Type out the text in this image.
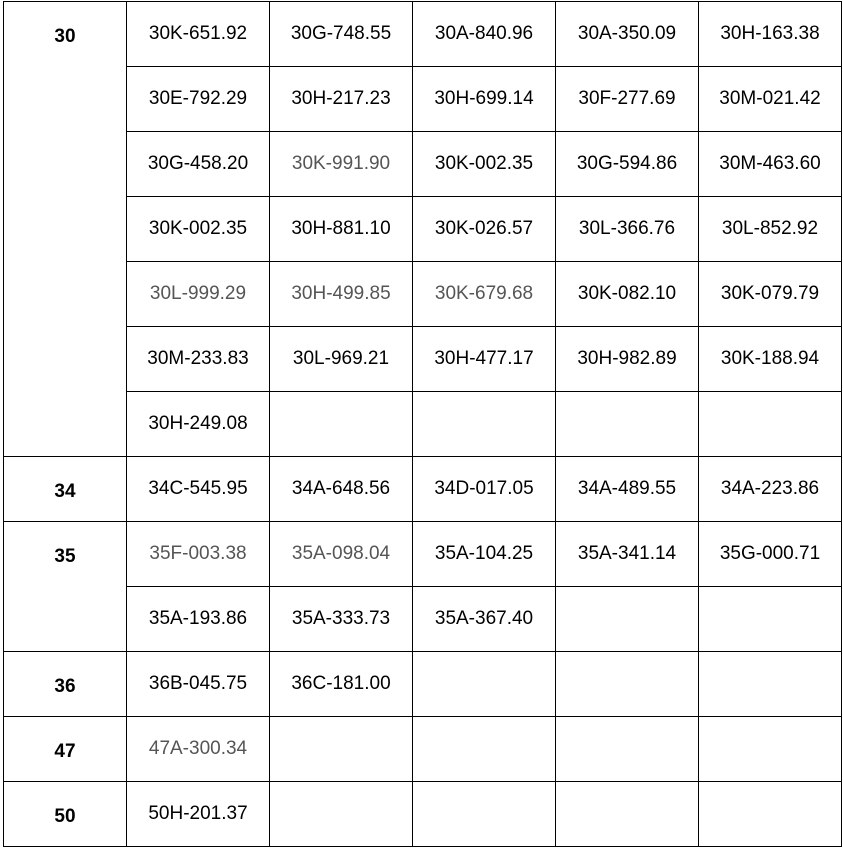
30	30K-651.92	30G-748.55	30A-840.96	30A-350.09	30H-163.38
	30E-792.29	30H-217.23	30H-699.14	30F-277.69	30M-021.42
	30G-458.20	30K-991.90	30K-002.35	30G-594.86	30M-463.60
	30K-002.35	30H-881.10	30K-026.57	30L-366.76	30L-852.92
	30L-999.29	30H-499.85	30K-679.68	30K-082.10	30K-079.79
	30M-233.83	30L-969.21	30H-477.17	30H-982.89	30K-188.94
	30H-249.08				
34	34C-545.95	34A-648.56	34D-017.05	34A-489.55	34A-223.86
35	35F-003.38	35A-098.04	35A-104.25	35A-341.14	35G-000.71
	35A-193.86	35A-333.73	35A-367.40		
36	36B-045.75	36C-181.00			
47	47A-300.34				
50	50H-201.37				
